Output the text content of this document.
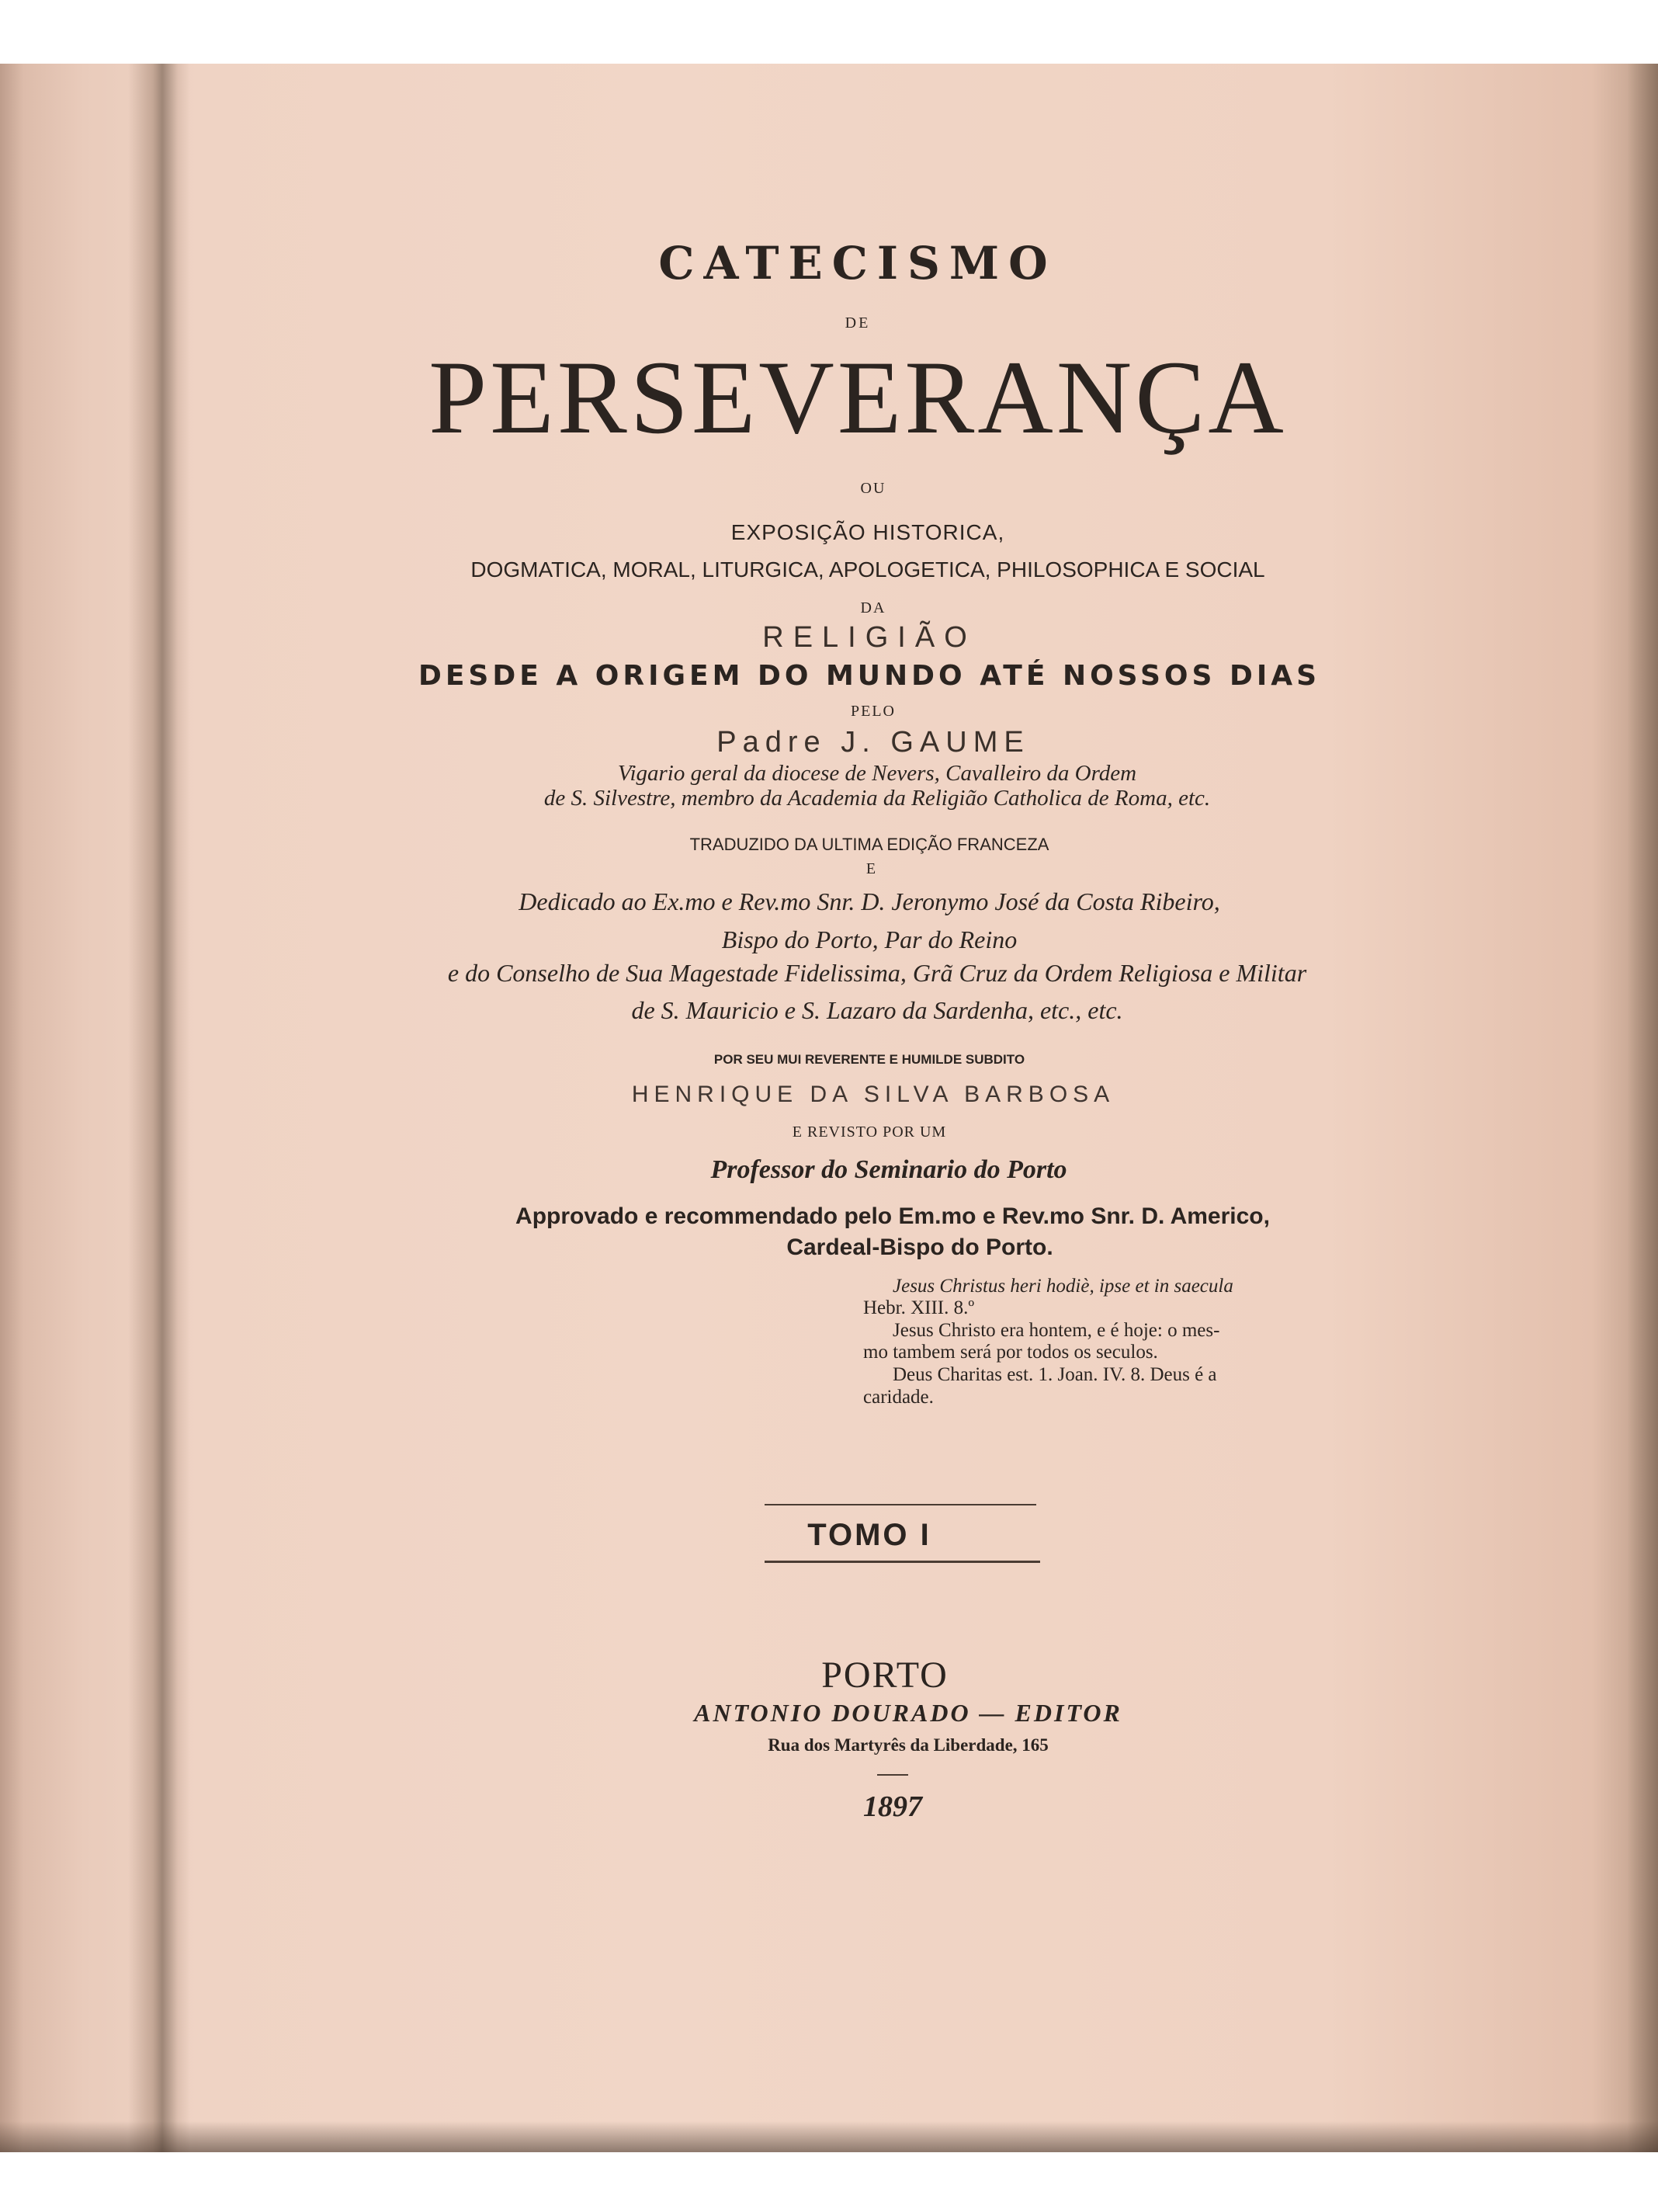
CATECISMO

DE

PERSEVERANÇA

OU

EXPOSIÇÃO HISTORICA,

DOGMATICA, MORAL, LITURGICA, APOLOGETICA, PHILOSOPHICA E SOCIAL

DA

RELIGIÃO

DESDE A ORIGEM DO MUNDO ATÉ NOSSOS DIAS

PELO

Padre J. GAUME

Vigario geral da diocese de Nevers, Cavalleiro da Ordem

de S. Silvestre, membro da Academia da Religião Catholica de Roma, etc.

TRADUZIDO DA ULTIMA EDIÇÃO FRANCEZA

E

Dedicado ao Ex.mo e Rev.mo Snr. D. Jeronymo José da Costa Ribeiro,

Bispo do Porto, Par do Reino

e do Conselho de Sua Magestade Fidelissima, Grã Cruz da Ordem Religiosa e Militar

de S. Mauricio e S. Lazaro da Sardenha, etc., etc.

POR SEU MUI REVERENTE E HUMILDE SUBDITO

HENRIQUE DA SILVA BARBOSA

E REVISTO POR UM

Professor do Seminario do Porto

Approvado e recommendado pelo Em.mo e Rev.mo Snr. D. Americo,

Cardeal-Bispo do Porto.

Jesus Christus heri hodiè, ipse et in saecula

Hebr. XIII. 8.º

Jesus Christo era hontem, e é hoje: o mes-

mo tambem será por todos os seculos.

Deus Charitas est. 1. Joan. IV. 8. Deus é a

caridade.

TOMO I

PORTO

ANTONIO DOURADO — EDITOR

Rua dos Martyrês da Liberdade, 165

1897
